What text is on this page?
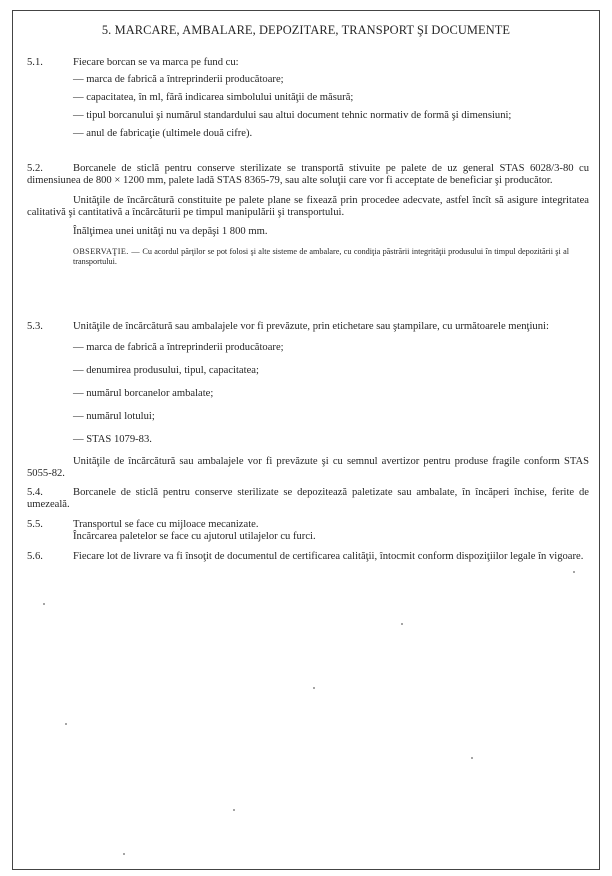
5. MARCARE, AMBALARE, DEPOZITARE, TRANSPORT ŞI DOCUMENTE
5.1.	Fiecare borcan se va marca pe fund cu:
— marca de fabrică a întreprinderii producătoare;
— capacitatea, în ml, fără indicarea simbolului unităţii de măsură;
— tipul borcanului şi numărul standardului sau altui document tehnic normativ de formă şi dimensiuni;
— anul de fabricaţie (ultimele două cifre).
5.2.	Borcanele de sticlă pentru conserve sterilizate se transportă stivuite pe palete de uz general STAS 6028/3-80 cu dimensiunea de 800 × 1200 mm, palete ladă STAS 8365-79, sau alte soluţii care vor fi acceptate de beneficiar şi producător.
Unităţile de încărcătură constituite pe palete plane se fixează prin procedee adecvate, astfel încît să asigure integritatea calitativă şi cantitativă a încărcăturii pe timpul manipulării şi transportului.
Înălţimea unei unităţi nu va depăşi 1 800 mm.
OBSERVAŢIE. — Cu acordul părţilor se pot folosi şi alte sisteme de ambalare, cu condiţia păstrării integrităţii produsului în timpul depozitării şi al transportului.
5.3.	Unităţile de încărcătură sau ambalajele vor fi prevăzute, prin etichetare sau ştampilare, cu următoarele menţiuni:
— marca de fabrică a întreprinderii producătoare;
— denumirea produsului, tipul, capacitatea;
— numărul borcanelor ambalate;
— numărul lotului;
— STAS 1079-83.
Unităţile de încărcătură sau ambalajele vor fi prevăzute şi cu semnul avertizor pentru produse fragile conform STAS 5055-82.
5.4.	Borcanele de sticlă pentru conserve sterilizate se depozitează paletizate sau ambalate, în încăperi închise, ferite de umezeală.
5.5.	Transportul se face cu mijloace mecanizate.
Încărcarea paletelor se face cu ajutorul utilajelor cu furci.
5.6.	Fiecare lot de livrare va fi însoţit de documentul de certificarea calităţii, întocmit conform dispoziţiilor legale în vigoare.
